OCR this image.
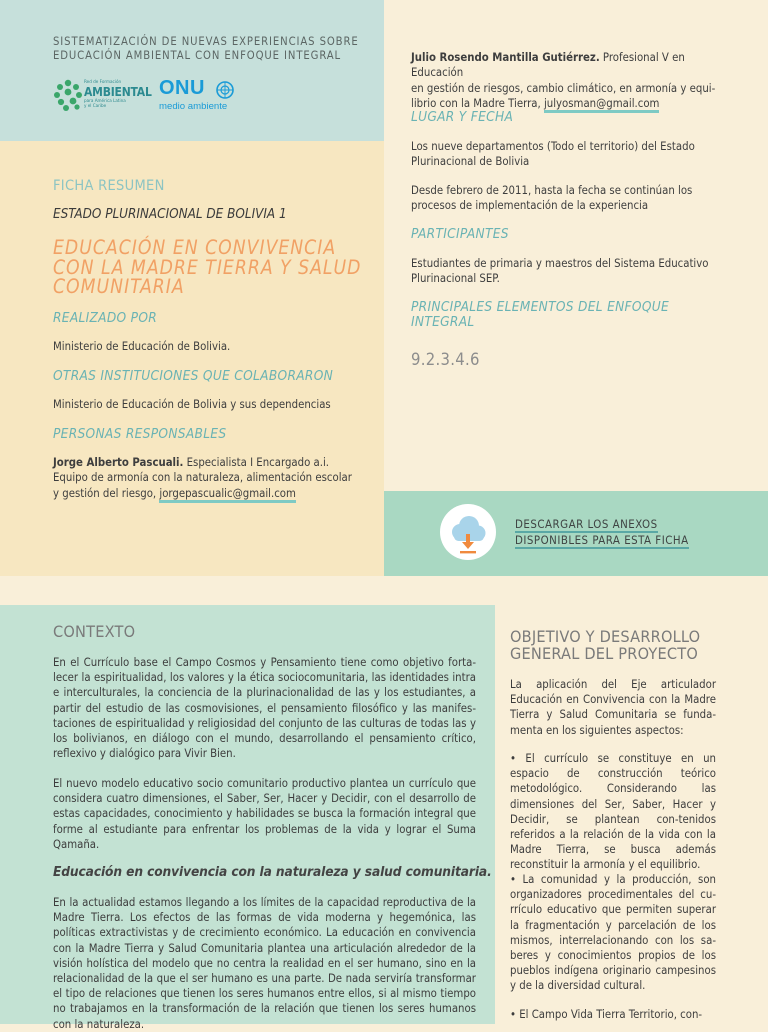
SISTEMATIZACIÓN DE NUEVAS EXPERIENCIAS SOBRE
EDUCACIÓN AMBIENTAL CON ENFOQUE INTEGRAL
Red de Formación
AMBIENTAL
para América Latina
y el Caribe
ONU
medio ambiente
FICHA RESUMEN
ESTADO PLURINACIONAL DE BOLIVIA 1
EDUCACIÓN EN CONVIVENCIA
CON LA MADRE TIERRA Y SALUD
COMUNITARIA
REALIZADO POR
Ministerio de Educación de Bolivia.
OTRAS INSTITUCIONES QUE COLABORARON
Ministerio de Educación de Bolivia y sus dependencias
PERSONAS RESPONSABLES
Jorge Alberto Pascuali. Especialista I Encargado a.i.
Equipo de armonía con la naturaleza, alimentación escolar
y gestión del riesgo, jorgepascualic@gmail.com
Julio Rosendo Mantilla Gutiérrez. Profesional V en Educación
en gestión de riesgos, cambio climático, en armonía y equi-
librio con la Madre Tierra, julyosman@gmail.com
LUGAR Y FECHA
Los nueve departamentos (Todo el territorio) del Estado Plurinacional de Bolivia
Desde febrero de 2011, hasta la fecha se continúan los procesos de implementación de la experiencia
PARTICIPANTES
Estudiantes de primaria y maestros del Sistema Educativo Plurinacional SEP.
PRINCIPALES ELEMENTOS DEL ENFOQUE
INTEGRAL
9.2.3.4.6
DESCARGAR LOS ANEXOS
DISPONIBLES PARA ESTA FICHA
CONTEXTO
En el Currículo base el Campo Cosmos y Pensamiento tiene como objetivo forta-lecer la espiritualidad, los valores y la ética sociocomunitaria, las identidades intra e interculturales, la conciencia de la plurinacionalidad de las y los estudiantes, a partir del estudio de las cosmovisiones, el pensamiento filosófico y las manifes-taciones de espiritualidad y religiosidad del conjunto de las culturas de todas las y los bolivianos, en diálogo con el mundo, desarrollando el pensamiento crítico, reflexivo y dialógico para Vivir Bien.
El nuevo modelo educativo socio comunitario productivo plantea un currículo que considera cuatro dimensiones, el Saber, Ser, Hacer y Decidir, con el desarrollo de estas capacidades, conocimiento y habilidades se busca la formación integral que forme al estudiante para enfrentar los problemas de la vida y lograr el Suma Qamaña.
Educación en convivencia con la naturaleza y salud comunitaria.
En la actualidad estamos llegando a los límites de la capacidad reproductiva de la Madre Tierra. Los efectos de las formas de vida moderna y hegemónica, las políticas extractivistas y de crecimiento económico. La educación en convivencia con la Madre Tierra y Salud Comunitaria plantea una articulación alrededor de la visión holística del modelo que no centra la realidad en el ser humano, sino en la relacionalidad de la que el ser humano es una parte. De nada serviría transformar el tipo de relaciones que tienen los seres humanos entre ellos, si al mismo tiempo no trabajamos en la transformación de la relación que tienen los seres humanos con la naturaleza.
OBJETIVO Y DESARROLLO
GENERAL DEL PROYECTO
La aplicación del Eje articulador Educación en Convivencia con la Madre Tierra y Salud Comunitaria se funda-menta en los siguientes aspectos:
• El currículo se constituye en un espacio de construcción teórico metodológico. Considerando las dimensiones del Ser, Saber, Hacer y Decidir, se plantean con-tenidos referidos a la relación de la vida con la Madre Tierra, se busca además reconstituir la armonía y el equilibrio.
• La comunidad y la producción, son organizadores procedimentales del cu-rrículo educativo que permiten superar la fragmentación y parcelación de los mismos, interrelacionando con los sa-beres y conocimientos propios de los pueblos indígena originario campesinos y de la diversidad cultural.
• El Campo Vida Tierra Territorio, con-
